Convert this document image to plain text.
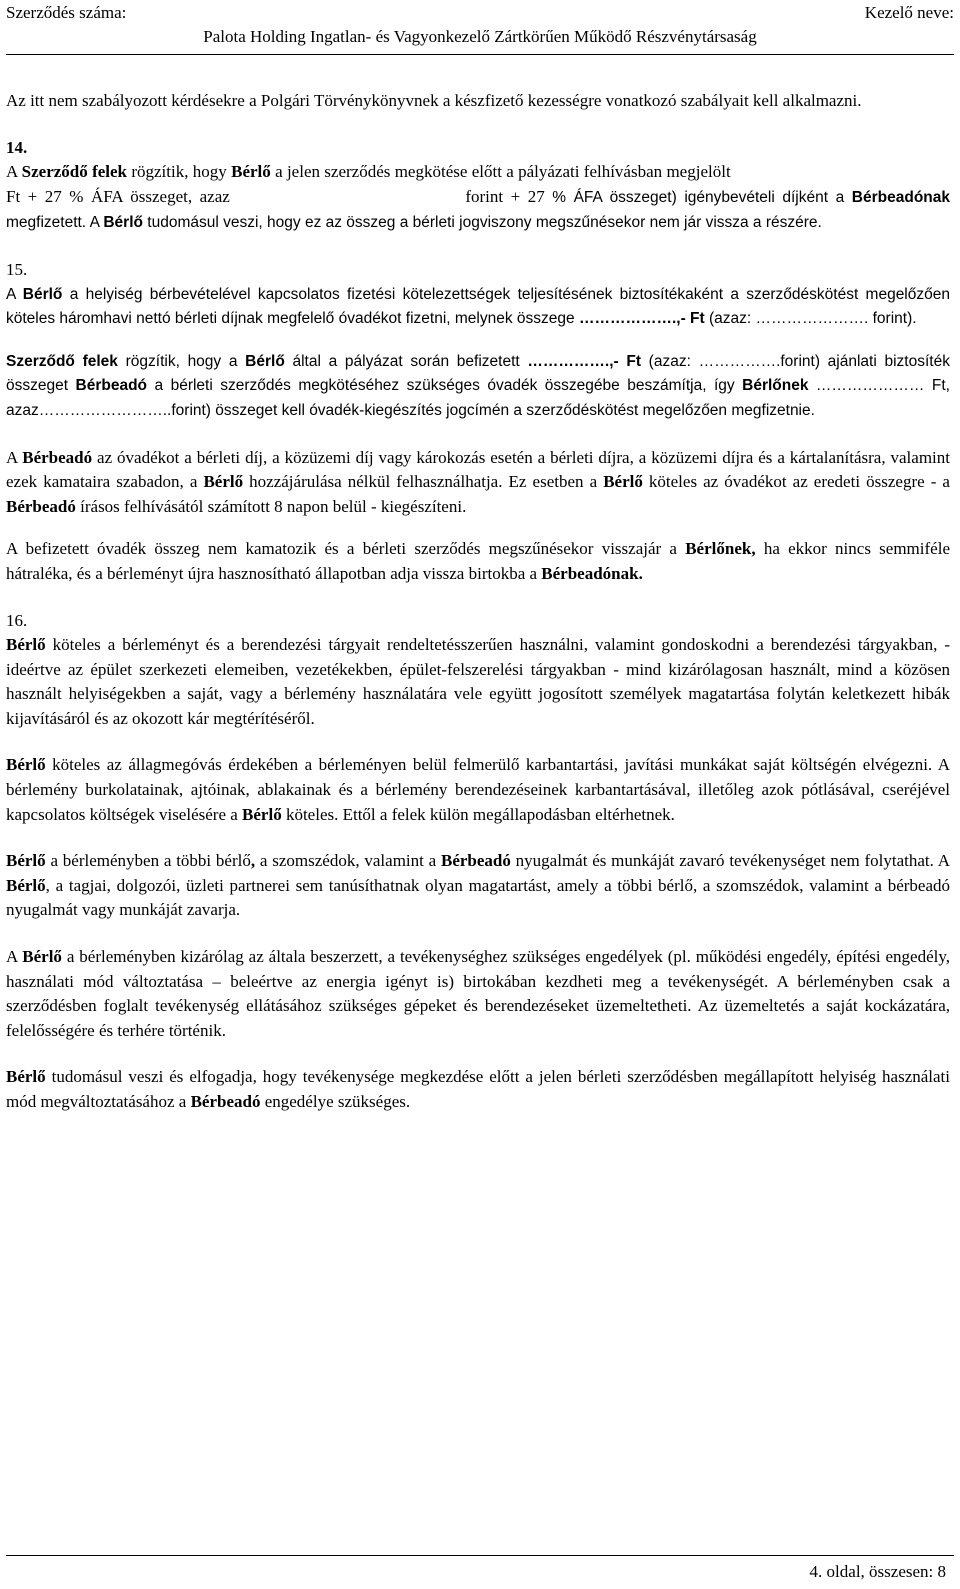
Szerződés száma:	Kezelő neve:
Palota Holding Ingatlan- és Vagyonkezelő Zártkörűen Működő Részvénytársaság

Az itt nem szabályozott kérdésekre a Polgári Törvénykönyvnek a készfizető kezességre vonatkozó szabályait kell alkalmazni.

14.

A Szerződő felek rögzítik, hogy Bérlő a jelen szerződés megkötése előtt a pályázati felhívásban megjelölt Ft + 27 % ÁFA összeget, azaz	forint + 27 % ÁFA összeget) igénybevételi díjként a Bérbeadónak megfizetett. A Bérlő tudomásul veszi, hogy ez az összeg a bérleti jogviszony megszűnésekor nem jár vissza a részére.

15.

A Bérlő a helyiség bérbevételével kapcsolatos fizetési kötelezettségek teljesítésének biztosítékaként a szerződéskötést megelőzően köteles háromhavi nettó bérleti díjnak megfelelő óvadékot fizetni, melynek összege ……………….,- Ft (azaz: …………………. forint).

Szerződő felek rögzítik, hogy a Bérlő által a pályázat során befizetett …………….,- Ft (azaz: …………….forint) ajánlati biztosíték összeget Bérbeadó a bérleti szerződés megkötéséhez szükséges óvadék összegébe beszámítja, így Bérlőnek ………………… Ft, azaz……………………..forint) összeget kell óvadék-kiegészítés jogcímén a szerződéskötést megelőzően megfizetnie.

A Bérbeadó az óvadékot a bérleti díj, a közüzemi díj vagy károkozás esetén a bérleti díjra, a közüzemi díjra és a kártalanításra, valamint ezek kamataira szabadon, a Bérlő hozzájárulása nélkül felhasználhatja. Ez esetben a Bérlő köteles az óvadékot az eredeti összegre - a Bérbeadó írásos felhívásától számított 8 napon belül - kiegészíteni.

A befizetett óvadék összeg nem kamatozik és a bérleti szerződés megszűnésekor visszajár a Bérlőnek, ha ekkor nincs semmiféle hátraléka, és a bérleményt újra hasznosítható állapotban adja vissza birtokba a Bérbeadónak.

16.

Bérlő köteles a bérleményt és a berendezési tárgyait rendeltetésszerűen használni, valamint gondoskodni a berendezési tárgyakban, - ideértve az épület szerkezeti elemeiben, vezetékekben, épület-felszerelési tárgyakban - mind kizárólagosan használt, mind a közösen használt helyiségekben a saját, vagy a bérlemény használatára vele együtt jogosított személyek magatartása folytán keletkezett hibák kijavításáról és az okozott kár megtérítéséről.

Bérlő köteles az állagmegóvás érdekében a bérleményen belül felmerülő karbantartási, javítási munkákat saját költségén elvégezni. A bérlemény burkolatainak, ajtóinak, ablakainak és a bérlemény berendezéseinek karbantartásával, illetőleg azok pótlásával, cseréjével kapcsolatos költségek viselésére a Bérlő köteles. Ettől a felek külön megállapodásban eltérhetnek.

Bérlő a bérleményben a többi bérlő, a szomszédok, valamint a Bérbeadó nyugalmát és munkáját zavaró tevékenységet nem folytathat. A Bérlő, a tagjai, dolgozói, üzleti partnerei sem tanúsíthatnak olyan magatartást, amely a többi bérlő, a szomszédok, valamint a bérbeadó nyugalmát vagy munkáját zavarja.

A Bérlő a bérleményben kizárólag az általa beszerzett, a tevékenységhez szükséges engedélyek (pl. működési engedély, építési engedély, használati mód változtatása – beleértve az energia igényt is) birtokában kezdheti meg a tevékenységét. A bérleményben csak a szerződésben foglalt tevékenység ellátásához szükséges gépeket és berendezéseket üzemeltetheti. Az üzemeltetés a saját kockázatára, felelősségére és terhére történik.

Bérlő tudomásul veszi és elfogadja, hogy tevékenysége megkezdése előtt a jelen bérleti szerződésben megállapított helyiség használati mód megváltoztatásához a Bérbeadó engedélye szükséges.

4. oldal, összesen: 8
